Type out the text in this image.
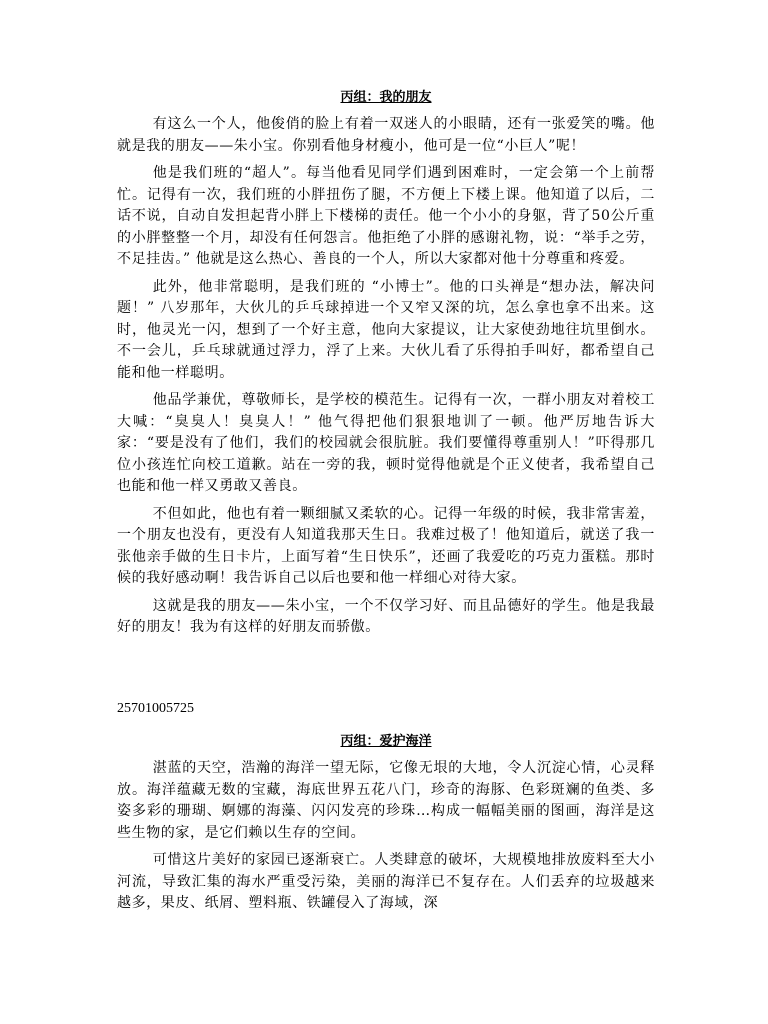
丙组：我的朋友

有这么一个人，他俊俏的脸上有着一双迷人的小眼睛，还有一张爱笑的嘴。他就是我的朋友——朱小宝。你别看他身材瘦小，他可是一位“小巨人”呢！

他是我们班的“超人”。每当他看见同学们遇到困难时，一定会第一个上前帮忙。记得有一次，我们班的小胖扭伤了腿，不方便上下楼上课。他知道了以后，二话不说，自动自发担起背小胖上下楼梯的责任。他一个小小的身躯，背了50公斤重的小胖整整一个月，却没有任何怨言。他拒绝了小胖的感谢礼物，说：“举手之劳，不足挂齿。” 他就是这么热心、善良的一个人，所以大家都对他十分尊重和疼爱。

此外，他非常聪明，是我们班的 “小博士”。他的口头禅是“想办法，解决问题！” 八岁那年，大伙儿的乒乓球掉进一个又窄又深的坑，怎么拿也拿不出来。这时，他灵光一闪，想到了一个好主意，他向大家提议，让大家使劲地往坑里倒水。不一会儿，乒乓球就通过浮力，浮了上来。大伙儿看了乐得拍手叫好，都希望自己能和他一样聪明。

他品学兼优，尊敬师长，是学校的模范生。记得有一次，一群小朋友对着校工大喊：“臭臭人！臭臭人！” 他气得把他们狠狠地训了一顿。他严厉地告诉大家：“要是没有了他们，我们的校园就会很肮脏。我们要懂得尊重别人！”吓得那几位小孩连忙向校工道歉。站在一旁的我，顿时觉得他就是个正义使者，我希望自己也能和他一样又勇敢又善良。

不但如此，他也有着一颗细腻又柔软的心。记得一年级的时候，我非常害羞，一个朋友也没有，更没有人知道我那天生日。我难过极了！他知道后，就送了我一张他亲手做的生日卡片，上面写着“生日快乐”，还画了我爱吃的巧克力蛋糕。那时候的我好感动啊！我告诉自己以后也要和他一样细心对待大家。

这就是我的朋友——朱小宝，一个不仅学习好、而且品德好的学生。他是我最好的朋友！我为有这样的好朋友而骄傲。

25701005725
丙组：爱护海洋

湛蓝的天空，浩瀚的海洋一望无际，它像无垠的大地，令人沉淀心情，心灵释放。海洋蕴藏无数的宝藏，海底世界五花八门，珍奇的海豚、色彩斑斓的鱼类、多姿多彩的珊瑚、婀娜的海藻、闪闪发亮的珍珠…构成一幅幅美丽的图画，海洋是这些生物的家，是它们赖以生存的空间。

可惜这片美好的家园已逐渐衰亡。人类肆意的破坏，大规模地排放废料至大小河流，导致汇集的海水严重受污染，美丽的海洋已不复存在。人们丢弃的垃圾越来越多，果皮、纸屑、塑料瓶、铁罐侵入了海域，深
